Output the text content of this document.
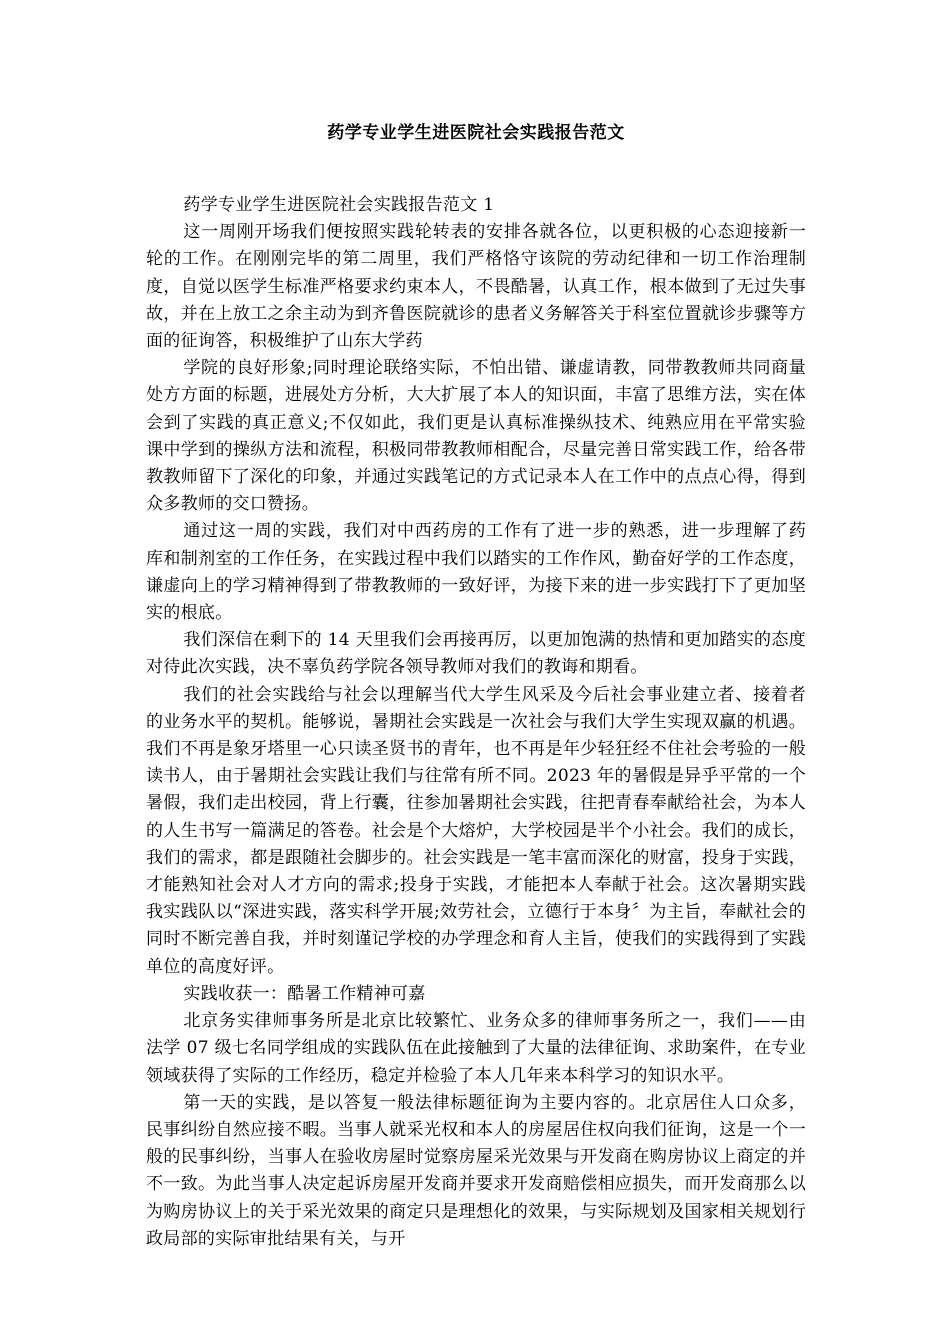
药学专业学生进医院社会实践报告范文

药学专业学生进医院社会实践报告范文 1

这一周刚开场我们便按照实践轮转表的安排各就各位，以更积极的心态迎接新一轮的工作。在刚刚完毕的第二周里，我们严格恪守该院的劳动纪律和一切工作治理制度，自觉以医学生标准严格要求约束本人，不畏酷暑，认真工作，根本做到了无过失事故，并在上放工之余主动为到齐鲁医院就诊的患者义务解答关于科室位置就诊步骤等方面的征询答，积极维护了山东大学药

学院的良好形象;同时理论联络实际，不怕出错、谦虚请教，同带教教师共同商量处方方面的标题，进展处方分析，大大扩展了本人的知识面，丰富了思维方法，实在体会到了实践的真正意义;不仅如此，我们更是认真标准操纵技术、纯熟应用在平常实验课中学到的操纵方法和流程，积极同带教教师相配合，尽量完善日常实践工作，给各带教教师留下了深化的印象，并通过实践笔记的方式记录本人在工作中的点点心得，得到众多教师的交口赞扬。

通过这一周的实践，我们对中西药房的工作有了进一步的熟悉，进一步理解了药库和制剂室的工作任务，在实践过程中我们以踏实的工作作风，勤奋好学的工作态度，谦虚向上的学习精神得到了带教教师的一致好评，为接下来的进一步实践打下了更加坚实的根底。

我们深信在剩下的 14 天里我们会再接再厉，以更加饱满的热情和更加踏实的态度对待此次实践，决不辜负药学院各领导教师对我们的教诲和期看。

我们的社会实践给与社会以理解当代大学生风采及今后社会事业建立者、接着者的业务水平的契机。能够说，暑期社会实践是一次社会与我们大学生实现双赢的机遇。我们不再是象牙塔里一心只读圣贤书的青年，也不再是年少轻狂经不住社会考验的一般读书人，由于暑期社会实践让我们与往常有所不同。2023 年的暑假是异乎平常的一个暑假，我们走出校园，背上行囊，往参加暑期社会实践，往把青春奉献给社会，为本人的人生书写一篇满足的答卷。社会是个大熔炉，大学校园是半个小社会。我们的成长，我们的需求，都是跟随社会脚步的。社会实践是一笔丰富而深化的财富，投身于实践，才能熟知社会对人才方向的需求;投身于实践，才能把本人奉献于社会。这次暑期实践我实践队以“深进实践，落实科学开展;效劳社会，立德行于本身〞为主旨，奉献社会的同时不断完善自我，并时刻谨记学校的办学理念和育人主旨，使我们的实践得到了实践单位的高度好评。

实践收获一：酷暑工作精神可嘉

北京务实律师事务所是北京比较繁忙、业务众多的律师事务所之一，我们——由法学 07 级七名同学组成的实践队伍在此接触到了大量的法律征询、求助案件，在专业领域获得了实际的工作经历，稳定并检验了本人几年来本科学习的知识水平。

第一天的实践，是以答复一般法律标题征询为主要内容的。北京居住人口众多，民事纠纷自然应接不暇。当事人就采光权和本人的房屋居住权向我们征询，这是一个一般的民事纠纷，当事人在验收房屋时觉察房屋采光效果与开发商在购房协议上商定的并不一致。为此当事人决定起诉房屋开发商并要求开发商赔偿相应损失，而开发商那么以为购房协议上的关于采光效果的商定只是理想化的效果，与实际规划及国家相关规划行政局部的实际审批结果有关，与开
